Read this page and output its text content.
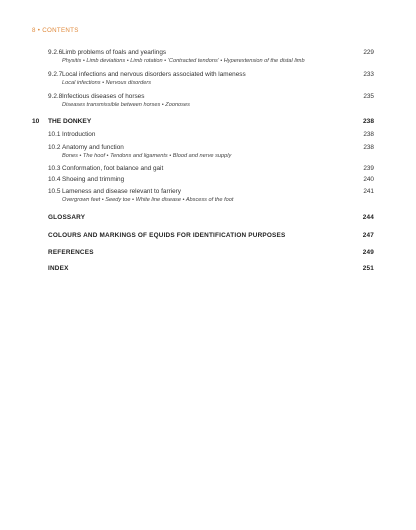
8 • CONTENTS
9.2.6 Limb problems of foals and yearlings	229
Physitis • Limb deviations • Limb rotation • ‘Contracted tendons’ • Hyperextension of the distal limb
9.2.7 Local infections and nervous disorders associated with lameness	233
Local infections • Nervous disorders
9.2.8 Infectious diseases of horses	235
Diseases transmissible between horses • Zoonoses
10 THE DONKEY	238
10.1 Introduction	238
10.2 Anatomy and function	238
Bones • The hoof • Tendons and ligaments • Blood and nerve supply
10.3 Conformation, foot balance and gait	239
10.4 Shoeing and trimming	240
10.5 Lameness and disease relevant to farriery	241
Overgrown feet • Seedy toe • White line disease • Abscess of the foot
GLOSSARY	244
COLOURS AND MARKINGS OF EQUIDS FOR IDENTIFICATION PURPOSES	247
REFERENCES	249
INDEX	251
